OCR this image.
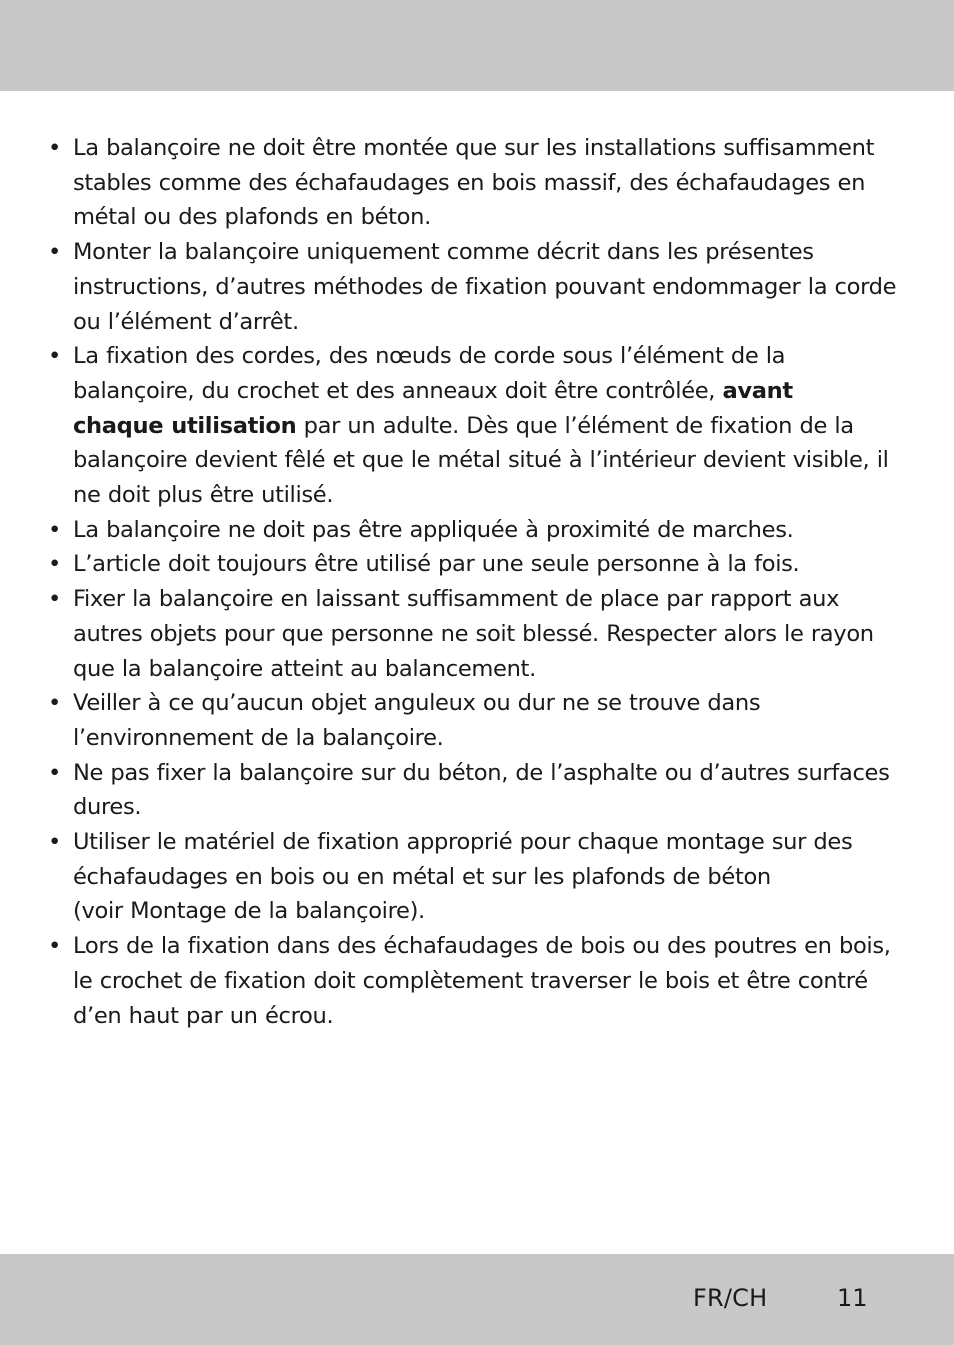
• La balançoire ne doit être montée que sur les installations suffisamment
stables comme des échafaudages en bois massif, des échafaudages en
métal ou des plafonds en béton.
• Monter la balançoire uniquement comme décrit dans les présentes
instructions, d’autres méthodes de fixation pouvant endommager la corde
ou l’élément d’arrêt.
• La fixation des cordes, des nœuds de corde sous l’élément de la
balançoire, du crochet et des anneaux doit être contrôlée, avant
chaque utilisation par un adulte. Dès que l’élément de fixation de la
balançoire devient fêlé et que le métal situé à l’intérieur devient visible, il
ne doit plus être utilisé.
• La balançoire ne doit pas être appliquée à proximité de marches.
• L’article doit toujours être utilisé par une seule personne à la fois.
• Fixer la balançoire en laissant suffisamment de place par rapport aux
autres objets pour que personne ne soit blessé. Respecter alors le rayon
que la balançoire atteint au balancement.
• Veiller à ce qu’aucun objet anguleux ou dur ne se trouve dans
l’environnement de la balançoire.
• Ne pas fixer la balançoire sur du béton, de l’asphalte ou d’autres surfaces
dures.
• Utiliser le matériel de fixation approprié pour chaque montage sur des
échafaudages en bois ou en métal et sur les plafonds de béton
(voir Montage de la balançoire).
• Lors de la fixation dans des échafaudages de bois ou des poutres en bois,
le crochet de fixation doit complètement traverser le bois et être contré
d’en haut par un écrou.
FR/CH	11
